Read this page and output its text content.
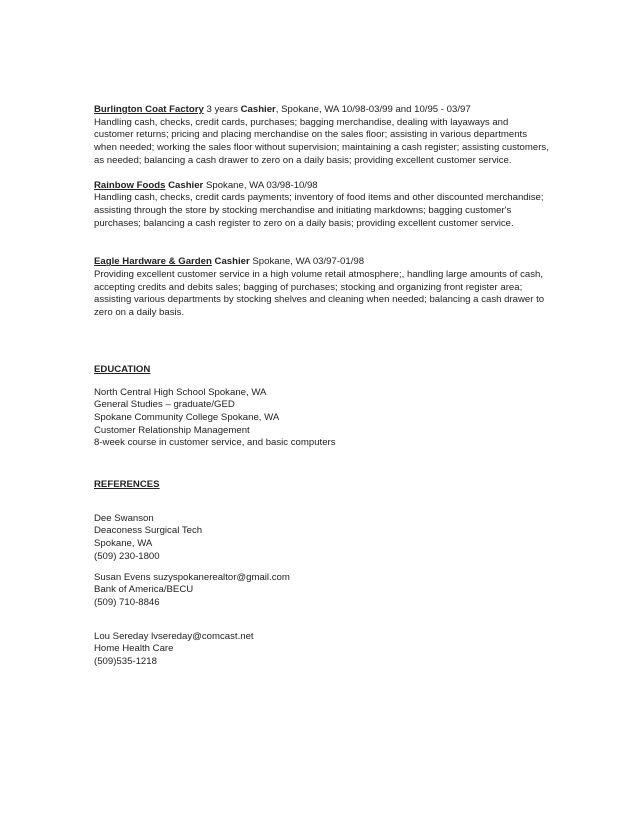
Burlington Coat Factory 3 years Cashier, Spokane, WA 10/98-03/99 and 10/95 - 03/97

Handling cash, checks, credit cards, purchases; bagging merchandise, dealing with layaways and customer returns; pricing and placing merchandise on the sales floor; assisting in various departments when needed; working the sales floor without supervision; maintaining a cash register; assisting customers, as needed; balancing a cash drawer to zero on a daily basis; providing excellent customer service.

Rainbow Foods Cashier Spokane, WA 03/98-10/98

Handling cash, checks, credit cards payments; inventory of food items and other discounted merchandise; assisting through the store by stocking merchandise and initiating markdowns; bagging customer's purchases; balancing a cash register to zero on a daily basis; providing excellent customer service.

Eagle Hardware & Garden Cashier Spokane, WA 03/97-01/98

Providing excellent customer service in a high volume retail atmosphere;, handling large amounts of cash, accepting credits and debits sales; bagging of purchases; stocking and organizing front register area; assisting various departments by stocking shelves and cleaning when needed; balancing a cash drawer to zero on a daily basis.

EDUCATION

North Central High School Spokane, WA
General Studies – graduate/GED
Spokane Community College Spokane, WA
Customer Relationship Management
8-week course in customer service, and basic computers

REFERENCES

Dee Swanson
Deaconess Surgical Tech
Spokane, WA
(509) 230-1800
Susan Evens suzyspokanerealtor@gmail.com
Bank of America/BECU
(509) 710-8846
Lou Sereday lvsereday@comcast.net
Home Health Care
(509)535-1218
